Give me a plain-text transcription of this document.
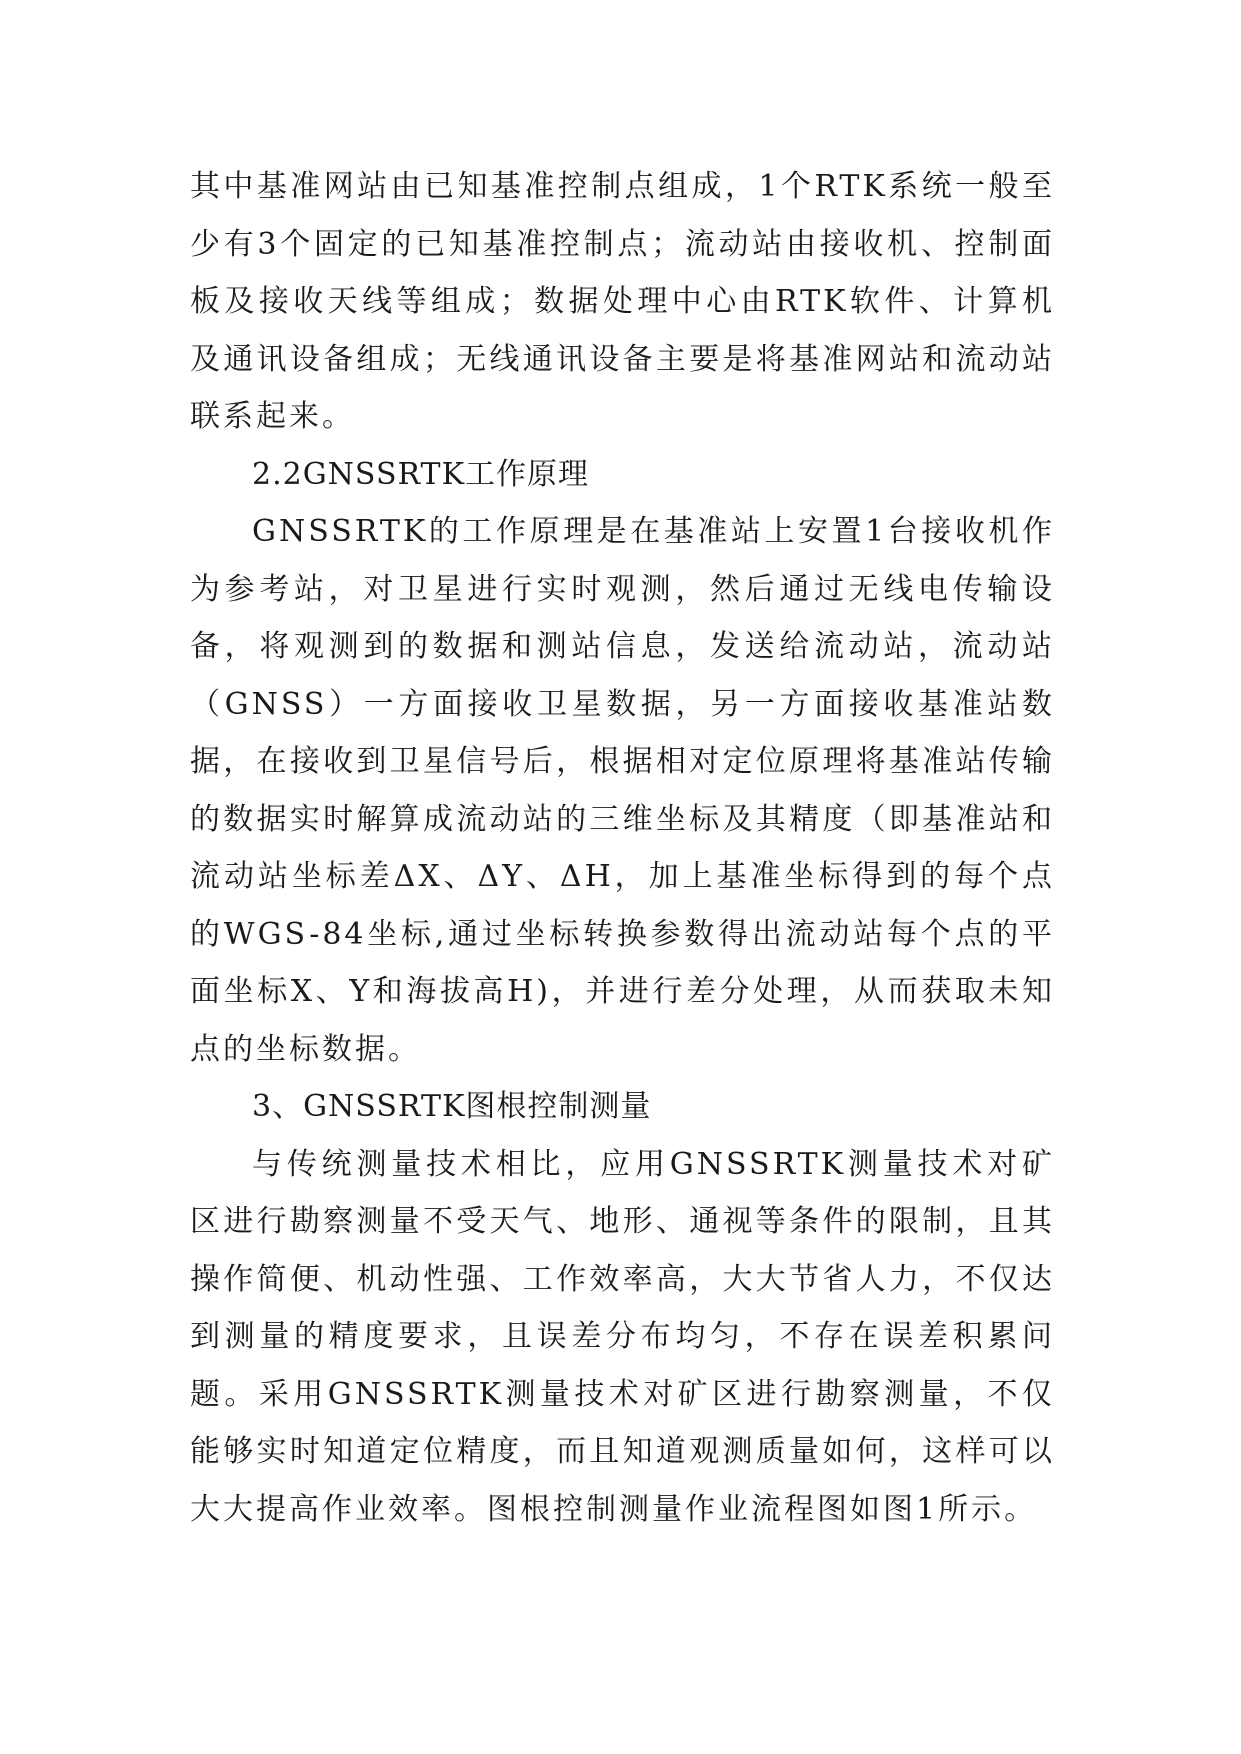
其中基准网站由已知基准控制点组成，1个RTK系统一般至少有3个固定的已知基准控制点；流动站由接收机、控制面板及接收天线等组成；数据处理中心由RTK软件、计算机及通讯设备组成；无线通讯设备主要是将基准网站和流动站联系起来。

2.2GNSSRTK工作原理

GNSSRTK的工作原理是在基准站上安置1台接收机作为参考站，对卫星进行实时观测，然后通过无线电传输设备，将观测到的数据和测站信息，发送给流动站，流动站（GNSS）一方面接收卫星数据，另一方面接收基准站数据，在接收到卫星信号后，根据相对定位原理将基准站传输的数据实时解算成流动站的三维坐标及其精度（即基准站和流动站坐标差ΔX、ΔY、ΔH，加上基准坐标得到的每个点的WGS-84坐标,通过坐标转换参数得出流动站每个点的平面坐标X、Y和海拔高H)，并进行差分处理，从而获取未知点的坐标数据。

3、GNSSRTK图根控制测量

与传统测量技术相比，应用GNSSRTK测量技术对矿区进行勘察测量不受天气、地形、通视等条件的限制，且其操作简便、机动性强、工作效率高，大大节省人力，不仅达到测量的精度要求，且误差分布均匀，不存在误差积累问题。采用GNSSRTK测量技术对矿区进行勘察测量，不仅能够实时知道定位精度，而且知道观测质量如何，这样可以大大提高作业效率。图根控制测量作业流程图如图1所示。
